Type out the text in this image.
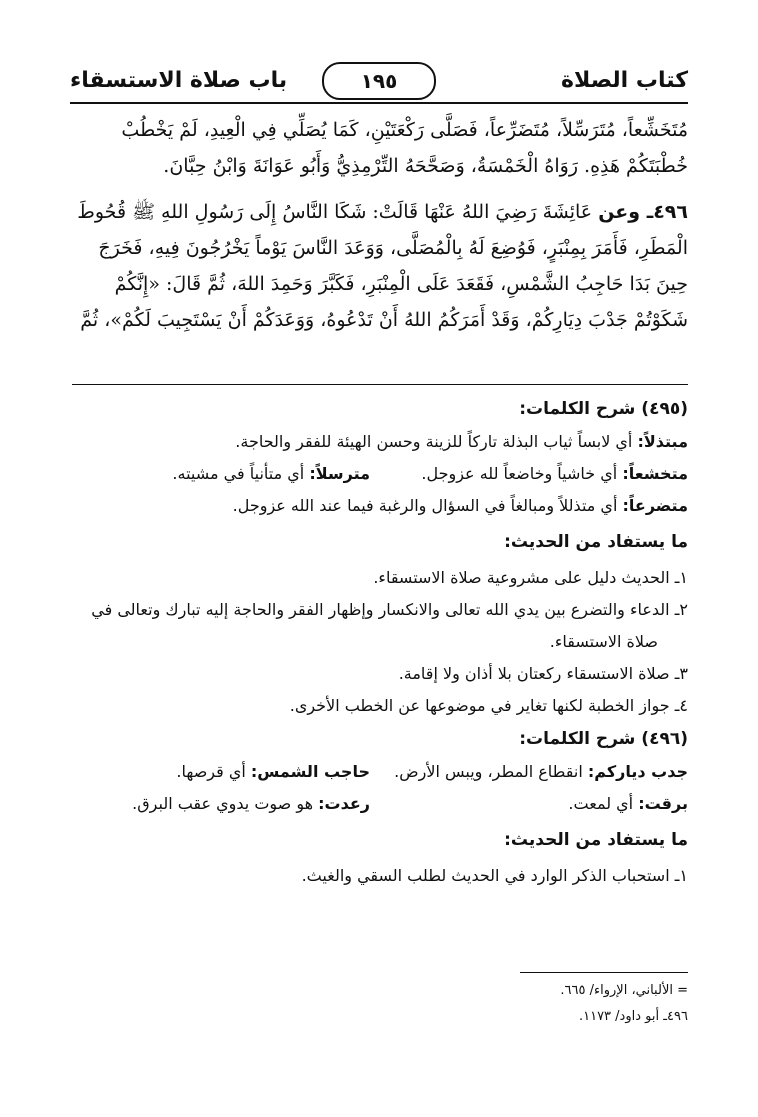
كتاب الصلاة
١٩٥
باب صلاة الاستسقاء

مُتَخَشِّعاً، مُتَرَسِّلاً، مُتَضَرِّعاً، فَصَلَّى رَكْعَتَيْنِ، كَمَا يُصَلِّي فِي الْعِيدِ، لَمْ يَخْطُبْ

خُطْبَتَكُمْ هَذِهِ. رَوَاهُ الْخَمْسَةُ، وَصَحَّحَهُ التِّرْمِذِيُّ وَأَبُو عَوَانَةَ وَابْنُ حِبَّانَ.

٤٩٦ـ وعن عَائِشَةَ رَضِيَ اللهُ عَنْهَا قَالَتْ: شَكَا النَّاسُ إِلَى رَسُولِ اللهِ ﷺ قُحُوطَ

الْمَطَرِ، فَأَمَرَ بِمِنْبَرٍ، فَوُضِعَ لَهُ بِالْمُصَلَّى، وَوَعَدَ النَّاسَ يَوْماً يَخْرُجُونَ فِيهِ، فَخَرَجَ

حِينَ بَدَا حَاجِبُ الشَّمْسِ، فَقَعَدَ عَلَى الْمِنْبَرِ، فَكَبَّرَ وَحَمِدَ اللهَ، ثُمَّ قَالَ: «إِنَّكُمْ

شَكَوْتُمْ جَدْبَ دِيَارِكُمْ، وَقَدْ أَمَرَكُمُ اللهُ أَنْ تَدْعُوهُ، وَوَعَدَكُمْ أَنْ يَسْتَجِيبَ لَكُمْ»، ثُمَّ

(٤٩٥) شرح الكلمات:

مبتذلاً: أي لابساً ثياب البذلة تاركاً للزينة وحسن الهيئة للفقر والحاجة.

متخشعاً: أي خاشياً وخاضعاً لله عزوجل.
مترسلاً: أي متأنياً في مشيته.

متضرعاً: أي متذللاً ومبالغاً في السؤال والرغبة فيما عند الله عزوجل.

ما يستفاد من الحديث:

١ـ الحديث دليل على مشروعية صلاة الاستسقاء.

٢ـ الدعاء والتضرع بين يدي الله تعالى والانكسار وإظهار الفقر والحاجة إليه تبارك وتعالى في

صلاة الاستسقاء.

٣ـ صلاة الاستسقاء ركعتان بلا أذان ولا إقامة.

٤ـ جواز الخطبة لكنها تغاير في موضوعها عن الخطب الأخرى.

(٤٩٦) شرح الكلمات:

جدب دياركم: انقطاع المطر، ويبس الأرض.
حاجب الشمس: أي قرصها.
برقت: أي لمعت.
رعدت: هو صوت يدوي عقب البرق.

ما يستفاد من الحديث:

١ـ استحباب الذكر الوارد في الحديث لطلب السقي والغيث.

= الألباني، الإرواء/ ٦٦٥.

٤٩٦ـ أبو داود/ ١١٧٣.
